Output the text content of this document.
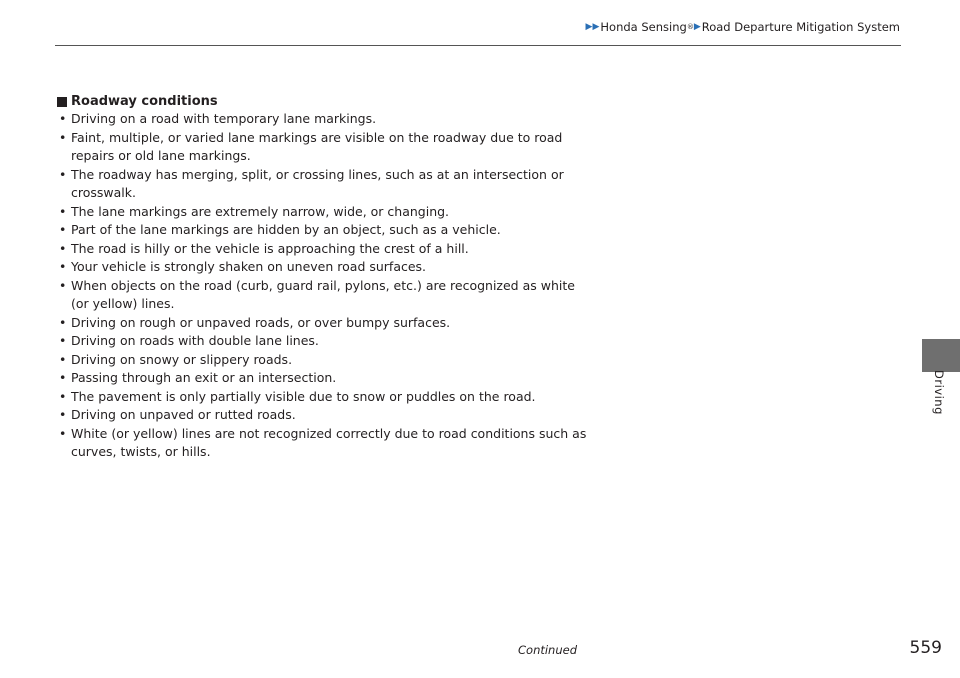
▶▶ Honda Sensing ® ▶ Road Departure Mitigation System
Roadway conditions
• Driving on a road with temporary lane markings.
• Faint, multiple, or varied lane markings are visible on the roadway due to road repairs or old lane markings.
• The roadway has merging, split, or crossing lines, such as at an intersection or crosswalk.
• The lane markings are extremely narrow, wide, or changing.
• Part of the lane markings are hidden by an object, such as a vehicle.
• The road is hilly or the vehicle is approaching the crest of a hill.
• Your vehicle is strongly shaken on uneven road surfaces.
• When objects on the road (curb, guard rail, pylons, etc.) are recognized as white (or yellow) lines.
• Driving on rough or unpaved roads, or over bumpy surfaces.
• Driving on roads with double lane lines.
• Driving on snowy or slippery roads.
• Passing through an exit or an intersection.
• The pavement is only partially visible due to snow or puddles on the road.
• Driving on unpaved or rutted roads.
• White (or yellow) lines are not recognized correctly due to road conditions such as curves, twists, or hills.
Driving
Continued	559
